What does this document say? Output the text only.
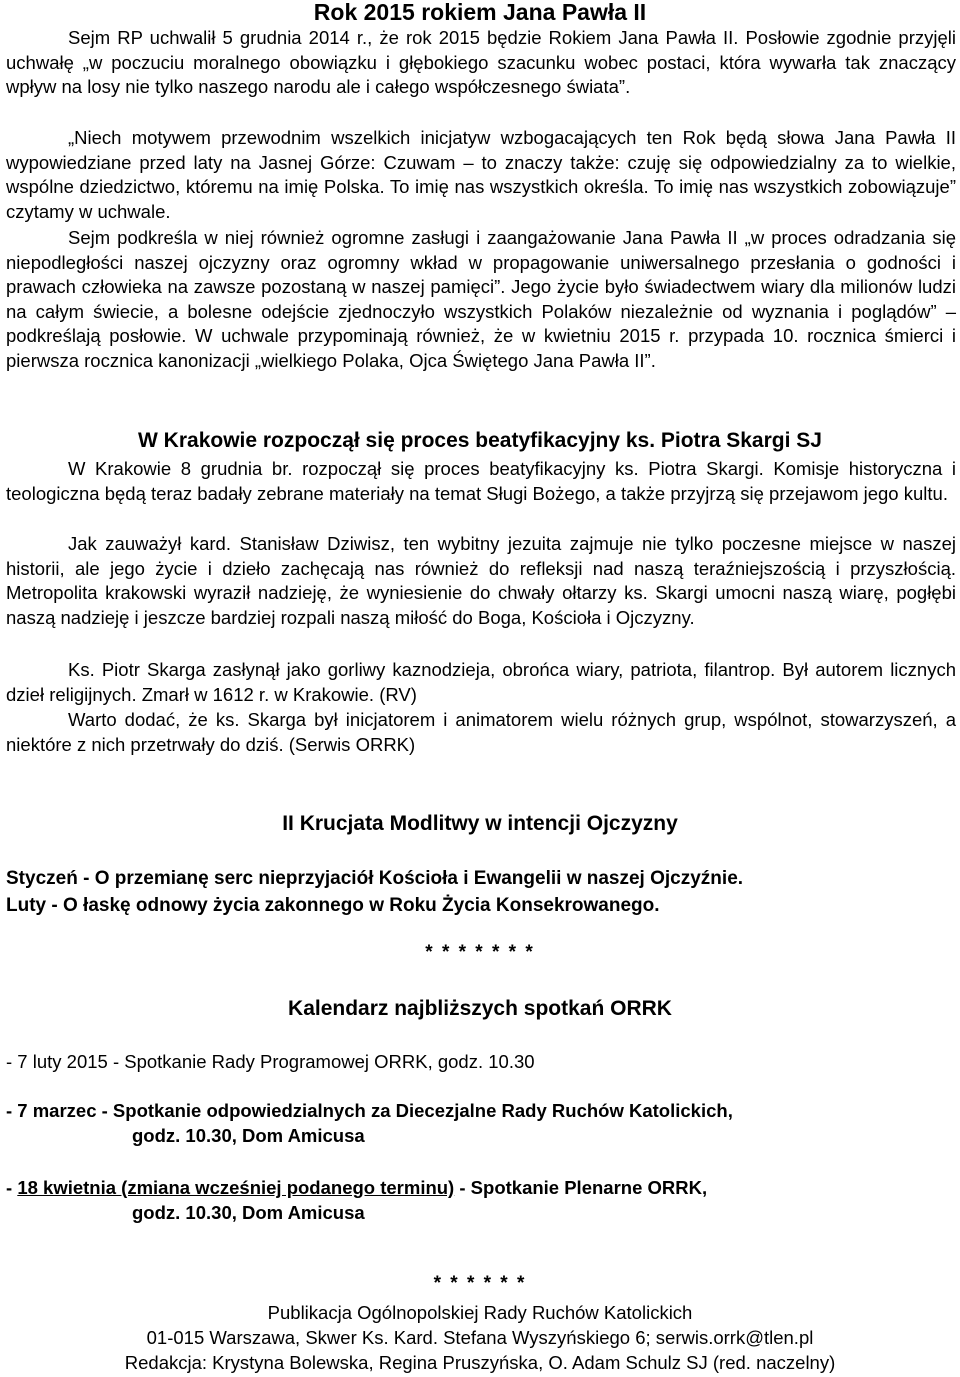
Rok 2015 rokiem Jana Pawła II

Sejm RP uchwalił 5 grudnia 2014 r., że rok 2015 będzie Rokiem Jana Pawła II. Posłowie zgodnie przyjęli uchwałę „w poczuciu moralnego obowiązku i głębokiego szacunku wobec postaci, która wywarła tak znaczący wpływ na losy nie tylko naszego narodu ale i całego współczesnego świata”.

„Niech motywem przewodnim wszelkich inicjatyw wzbogacających ten Rok będą słowa Jana Pawła II wypowiedziane przed laty na Jasnej Górze: Czuwam – to znaczy także: czuję się odpowiedzialny za to wielkie, wspólne dziedzictwo, któremu na imię Polska. To imię nas wszystkich określa. To imię nas wszystkich zobowiązuje” czytamy w uchwale.

Sejm podkreśla w niej również ogromne zasługi i zaangażowanie Jana Pawła II „w proces odradzania się niepodległości naszej ojczyzny oraz ogromny wkład w propagowanie uniwersalnego przesłania o godności i prawach człowieka na zawsze pozostaną w naszej pamięci”. Jego życie było świadectwem wiary dla milionów ludzi na całym świecie, a bolesne odejście zjednoczyło wszystkich Polaków niezależnie od wyznania i poglądów” – podkreślają posłowie. W uchwale przypominają również, że w kwietniu 2015 r. przypada 10. rocznica śmierci i pierwsza rocznica kanonizacji „wielkiego Polaka, Ojca Świętego Jana Pawła II”.

W Krakowie rozpoczął się proces beatyfikacyjny ks. Piotra Skargi SJ

W Krakowie 8 grudnia br. rozpoczął się proces beatyfikacyjny ks. Piotra Skargi. Komisje historyczna i teologiczna będą teraz badały zebrane materiały na temat Sługi Bożego, a także przyjrzą się przejawom jego kultu.

Jak zauważył kard. Stanisław Dziwisz, ten wybitny jezuita zajmuje nie tylko poczesne miejsce w naszej historii, ale jego życie i dzieło zachęcają nas również do refleksji nad naszą teraźniejszością i przyszłością. Metropolita krakowski wyraził nadzieję, że wyniesienie do chwały ołtarzy ks. Skargi umocni naszą wiarę, pogłębi naszą nadzieję i jeszcze bardziej rozpali naszą miłość do Boga, Kościoła i Ojczyzny.

Ks. Piotr Skarga zasłynął jako gorliwy kaznodzieja, obrońca wiary, patriota, filantrop. Był autorem licznych dzieł religijnych. Zmarł w 1612 r. w Krakowie. (RV)

Warto dodać, że ks. Skarga był inicjatorem i animatorem wielu różnych grup, wspólnot, stowarzyszeń, a niektóre z nich przetrwały do dziś. (Serwis ORRK)

II Krucjata Modlitwy w intencji Ojczyzny

Styczeń - O przemianę serc nieprzyjaciół Kościoła i Ewangelii w naszej Ojczyźnie.

Luty - O łaskę odnowy życia zakonnego w Roku Życia Konsekrowanego.

* * * * * * *

Kalendarz najbliższych spotkań ORRK

- 7 luty 2015 - Spotkanie Rady Programowej ORRK, godz. 10.30

- 7 marzec - Spotkanie odpowiedzialnych za Diecezjalne Rady Ruchów Katolickich,
godz. 10.30, Dom Amicusa

- 18 kwietnia (zmiana wcześniej podanego terminu) - Spotkanie Plenarne ORRK,
godz. 10.30, Dom Amicusa

* * * * * *

Publikacja Ogólnopolskiej Rady Ruchów Katolickich

01-015 Warszawa, Skwer Ks. Kard. Stefana Wyszyńskiego 6; serwis.orrk@tlen.pl

Redakcja: Krystyna Bolewska, Regina Pruszyńska, O. Adam Schulz SJ (red. naczelny)
